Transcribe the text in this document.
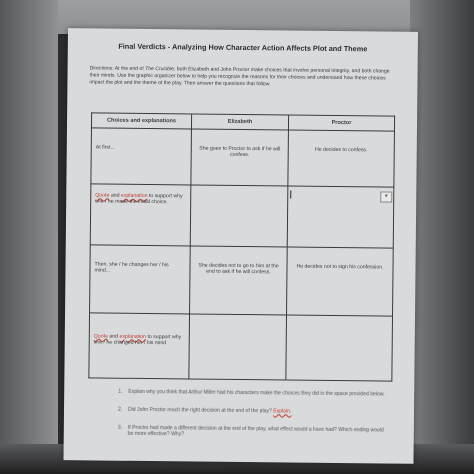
Final Verdicts - Analyzing How Character Action Affects Plot and Theme
Directions: At the end of The Crucible, both Elizabeth and John Proctor make choices that involve personal integrity, and both change their minds. Use the graphic organizer below to help you recognize the reasons for their choices and understand how these choices impact the plot and the theme of the play. Then answer the questions that follow.
Choices and explanations	Elizabeth	Proctor

At first...	She goes to Proctor to ask if he will confess.	He decides to confess.

Quote and explanation to support why she / he made the initial choice.		▾

Then, she / he changes her / his mind...	She decides not to go to him at the end to ask if he will confess.	He decides not to sign his confession.

Quote and explanation to support why she / he changed her / his mind		

1. Explain why you think that Arthur Miller had his characters make the choices they did in the space provided below.
2. Did John Proctor reach the right decision at the end of the play? Explain.
3. If Proctor had made a different decision at the end of the play, what effect would a have had? Which ending would be more effective? Why?
